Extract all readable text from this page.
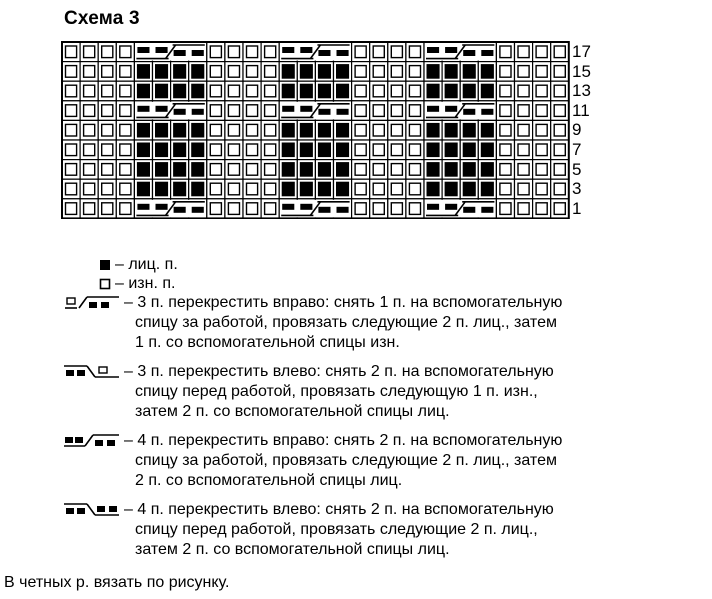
Схема 3
17
15
13
11
9
7
5
3
1
– лиц. п.
– изн. п.
– 3 п. перекрестить вправо: снять 1 п. на вспомогательную
спицу за работой, провязать следующие 2 п. лиц., затем
1 п. со вспомогательной спицы изн.
– 3 п. перекрестить влево: снять 2 п. на вспомогательную
спицу перед работой, провязать следующую 1 п. изн.,
затем 2 п. со вспомогательной спицы лиц.
– 4 п. перекрестить вправо: снять 2 п. на вспомогательную
спицу за работой, провязать следующие 2 п. лиц., затем
2 п. со вспомогательной спицы лиц.
– 4 п. перекрестить влево: снять 2 п. на вспомогательную
спицу перед работой, провязать следующие 2 п. лиц.,
затем 2 п. со вспомогательной спицы лиц.
В четных р. вязать по рисунку.
